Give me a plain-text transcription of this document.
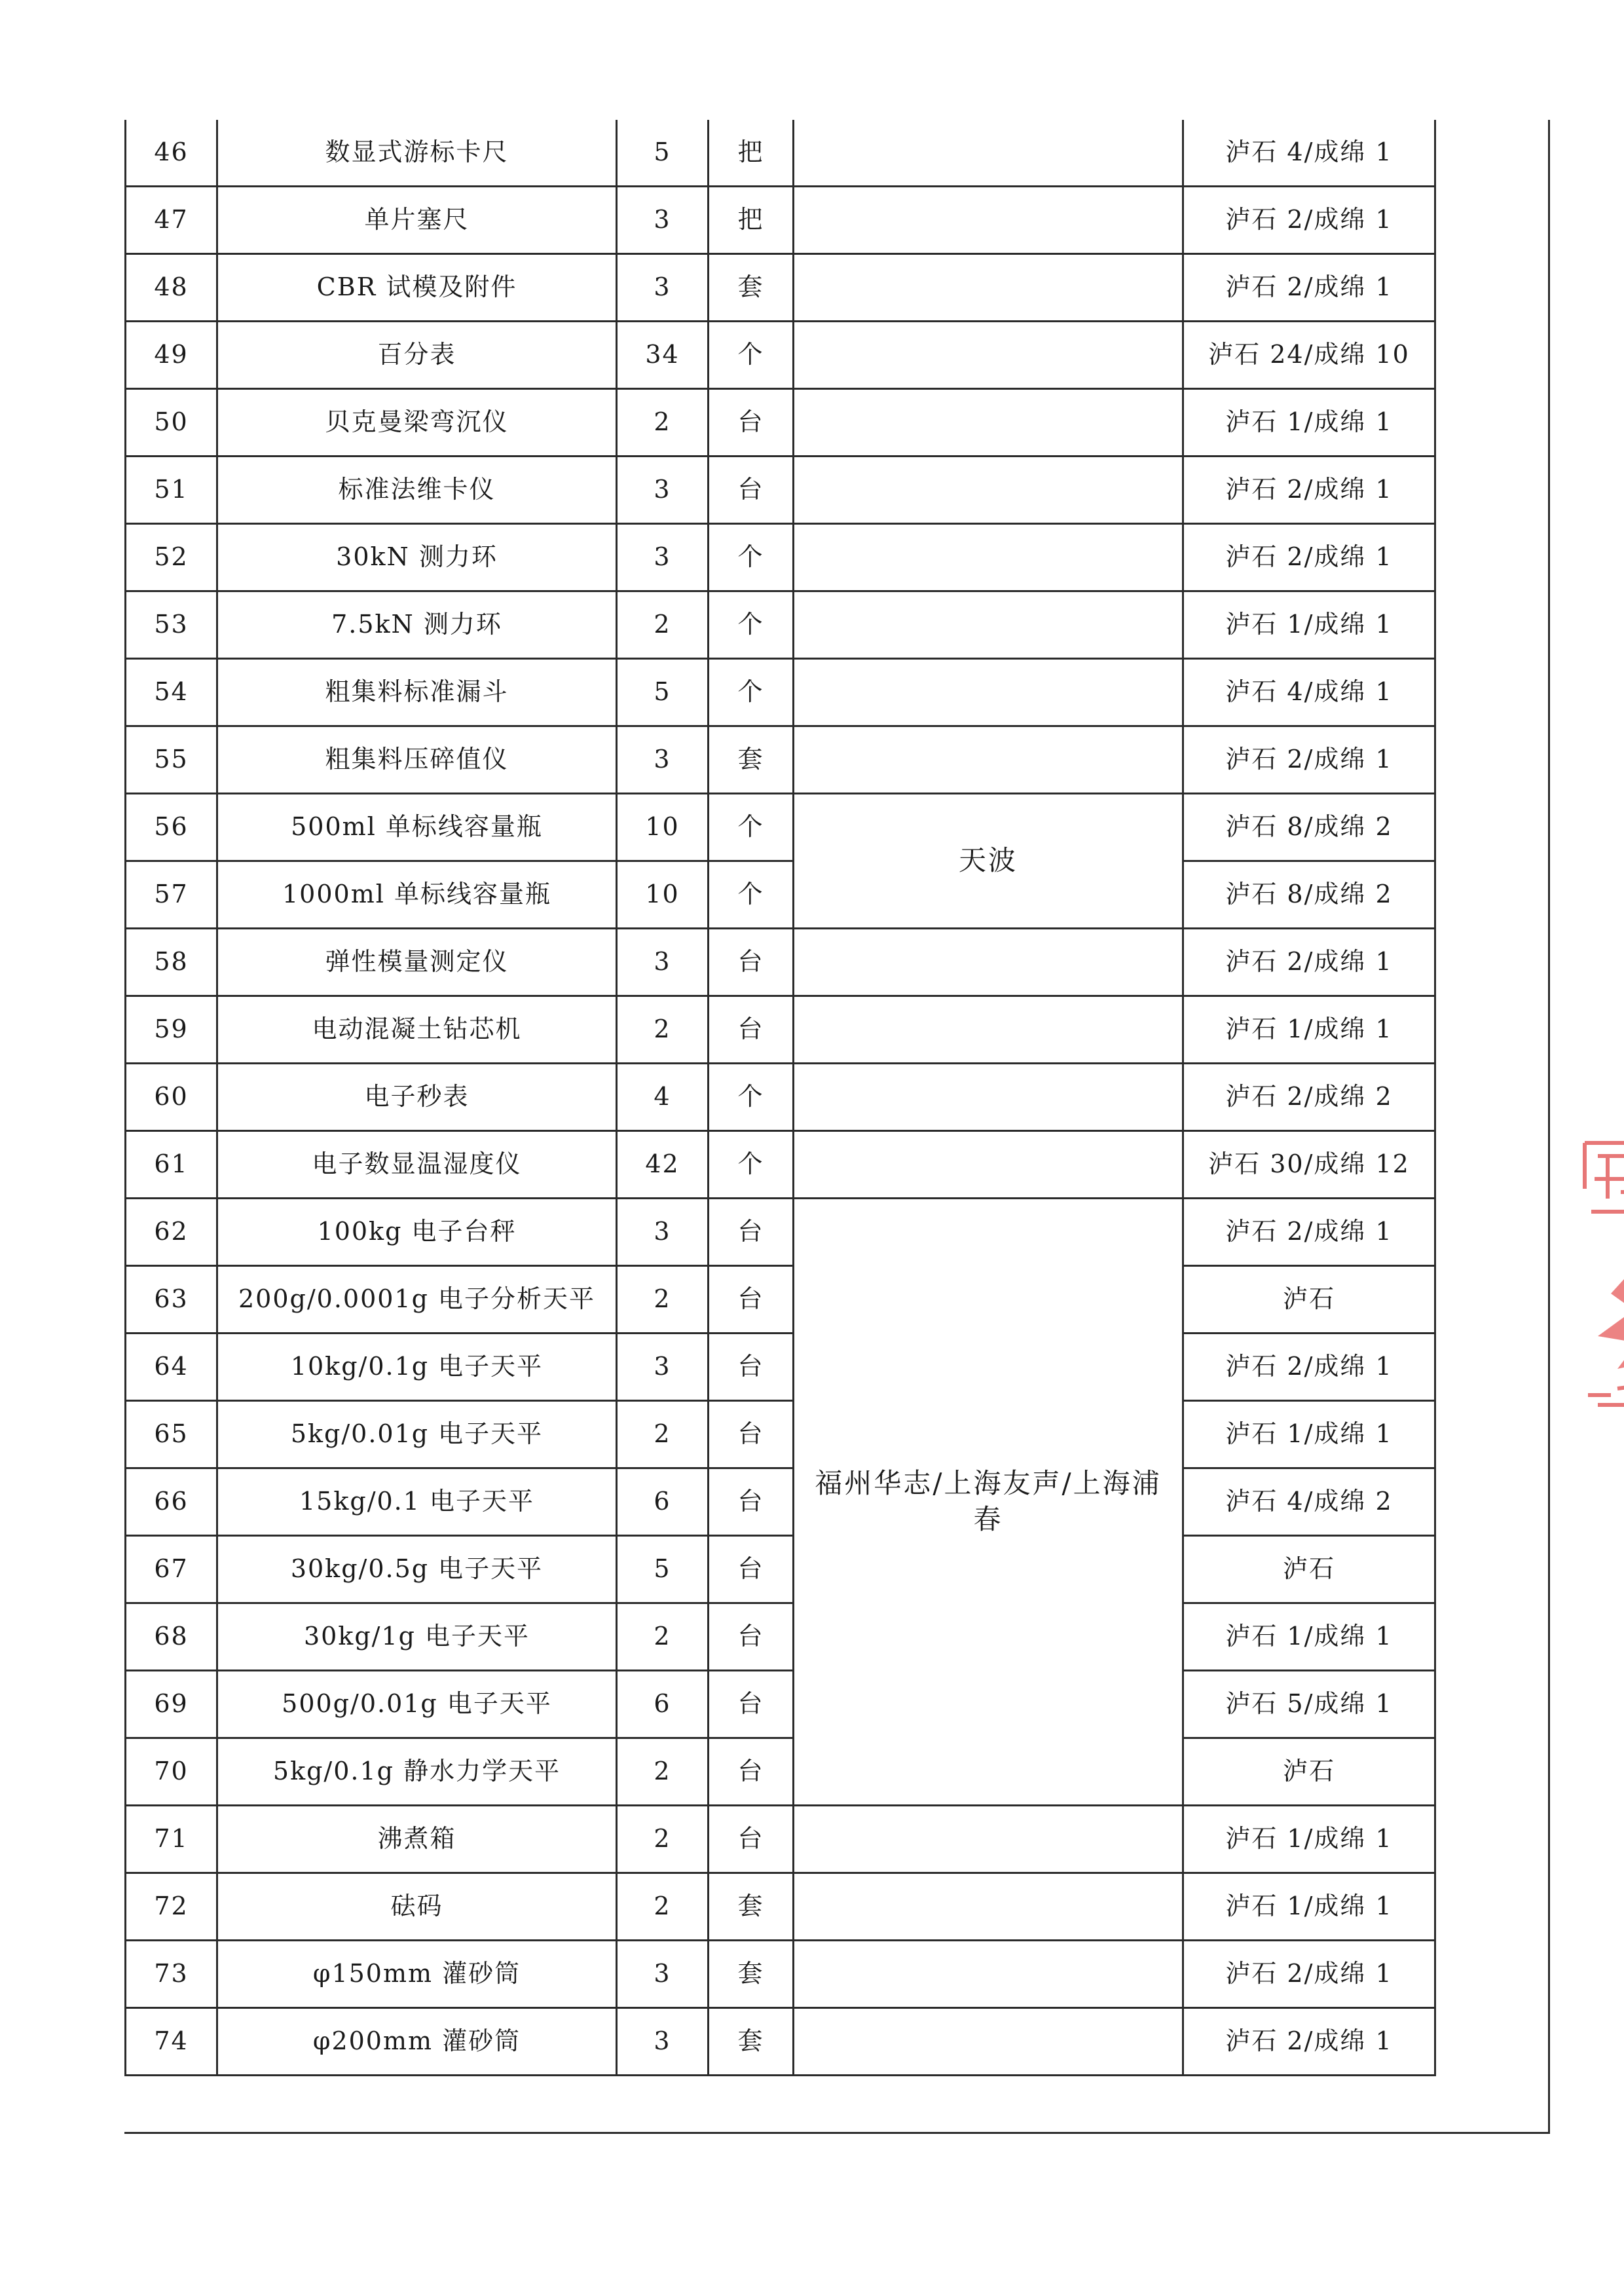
46	数显式游标卡尺	5	把		泸石 4/成绵 1
47	单片塞尺	3	把		泸石 2/成绵 1
48	CBR 试模及附件	3	套		泸石 2/成绵 1
49	百分表	34	个		泸石 24/成绵 10
50	贝克曼梁弯沉仪	2	台		泸石 1/成绵 1
51	标准法维卡仪	3	台		泸石 2/成绵 1
52	30kN 测力环	3	个		泸石 2/成绵 1
53	7.5kN 测力环	2	个		泸石 1/成绵 1
54	粗集料标准漏斗	5	个		泸石 4/成绵 1
55	粗集料压碎值仪	3	套		泸石 2/成绵 1
56	500ml 单标线容量瓶	10	个	天波	泸石 8/成绵 2
57	1000ml 单标线容量瓶	10	个		泸石 8/成绵 2
58	弹性模量测定仪	3	台		泸石 2/成绵 1
59	电动混凝土钻芯机	2	台		泸石 1/成绵 1
60	电子秒表	4	个		泸石 2/成绵 2
61	电子数显温湿度仪	42	个		泸石 30/成绵 12
62	100kg 电子台秤	3	台	福州华志/上海友声/上海浦春	泸石 2/成绵 1
63	200g/0.0001g 电子分析天平	2	台		泸石
64	10kg/0.1g 电子天平	3	台		泸石 2/成绵 1
65	5kg/0.01g 电子天平	2	台		泸石 1/成绵 1
66	15kg/0.1 电子天平	6	台		泸石 4/成绵 2
67	30kg/0.5g 电子天平	5	台		泸石
68	30kg/1g 电子天平	2	台		泸石 1/成绵 1
69	500g/0.01g 电子天平	6	台		泸石 5/成绵 1
70	5kg/0.1g 静水力学天平	2	台		泸石
71	沸煮箱	2	台		泸石 1/成绵 1
72	砝码	2	套		泸石 1/成绵 1
73	φ150mm 灌砂筒	3	套		泸石 2/成绵 1
74	φ200mm 灌砂筒	3	套		泸石 2/成绵 1
